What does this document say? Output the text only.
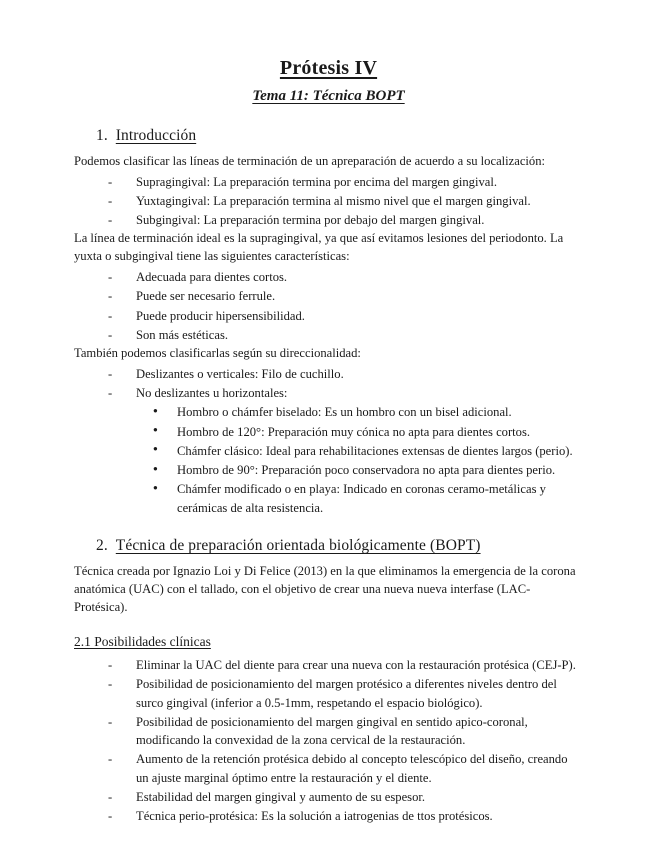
Prótesis IV
Tema 11: Técnica BOPT
1. Introducción

Podemos clasificar las líneas de terminación de un apreparación de acuerdo a su localización:

- Supragingival: La preparación termina por encima del margen gingival.
- Yuxtagingival: La preparación termina al mismo nivel que el margen gingival.
- Subgingival: La preparación termina por debajo del margen gingival.

La línea de terminación ideal es la supragingival, ya que así evitamos lesiones del periodonto. La yuxta o subgingival tiene las siguientes características:

- Adecuada para dientes cortos.
- Puede ser necesario ferrule.
- Puede producir hipersensibilidad.
- Son más estéticas.

También podemos clasificarlas según su direccionalidad:

- Deslizantes o verticales: Filo de cuchillo.
- No deslizantes u horizontales:
● Hombro o chámfer biselado: Es un hombro con un bisel adicional.
● Hombro de 120°: Preparación muy cónica no apta para dientes cortos.
● Chámfer clásico: Ideal para rehabilitaciones extensas de dientes largos (perio).
● Hombro de 90°: Preparación poco conservadora no apta para dientes perio.
● Chámfer modificado o en playa: Indicado en coronas ceramo-metálicas y cerámicas de alta resistencia.
2. Técnica de preparación orientada biológicamente (BOPT)

Técnica creada por Ignazio Loi y Di Felice (2013) en la que eliminamos la emergencia de la corona anatómica (UAC) con el tallado, con el objetivo de crear una nueva nueva interfase (LAC-Protésica).

2.1 Posibilidades clínicas
- Eliminar la UAC del diente para crear una nueva con la restauración protésica (CEJ-P).
- Posibilidad de posicionamiento del margen protésico a diferentes niveles dentro del surco gingival (inferior a 0.5-1mm, respetando el espacio biológico).
- Posibilidad de posicionamiento del margen gingival en sentido apico-coronal, modificando la convexidad de la zona cervical de la restauración.
- Aumento de la retención protésica debido al concepto telescópico del diseño, creando un ajuste marginal óptimo entre la restauración y el diente.
- Estabilidad del margen gingival y aumento de su espesor.
- Técnica perio-protésica: Es la solución a iatrogenias de ttos protésicos.
